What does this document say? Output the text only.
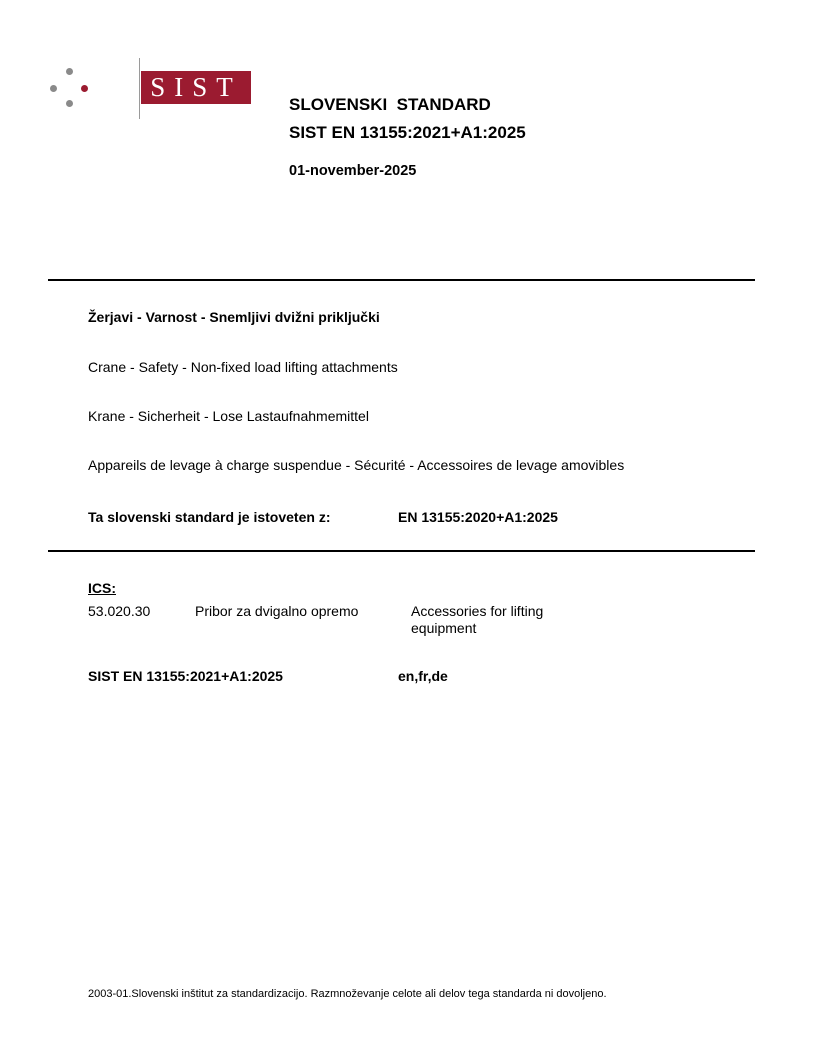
SIST
SLOVENSKI  STANDARD
SIST EN 13155:2021+A1:2025
01-november-2025
Žerjavi - Varnost - Snemljivi dvižni priključki
Crane - Safety - Non-fixed load lifting attachments
Krane - Sicherheit - Lose Lastaufnahmemittel
Appareils de levage à charge suspendue - Sécurité - Accessoires de levage amovibles
Ta slovenski standard je istoveten z:	EN 13155:2020+A1:2025
ICS:
53.020.30	Pribor za dvigalno opremo	Accessories for lifting equipment
SIST EN 13155:2021+A1:2025	en,fr,de
2003-01.Slovenski inštitut za standardizacijo. Razmnoževanje celote ali delov tega standarda ni dovoljeno.
